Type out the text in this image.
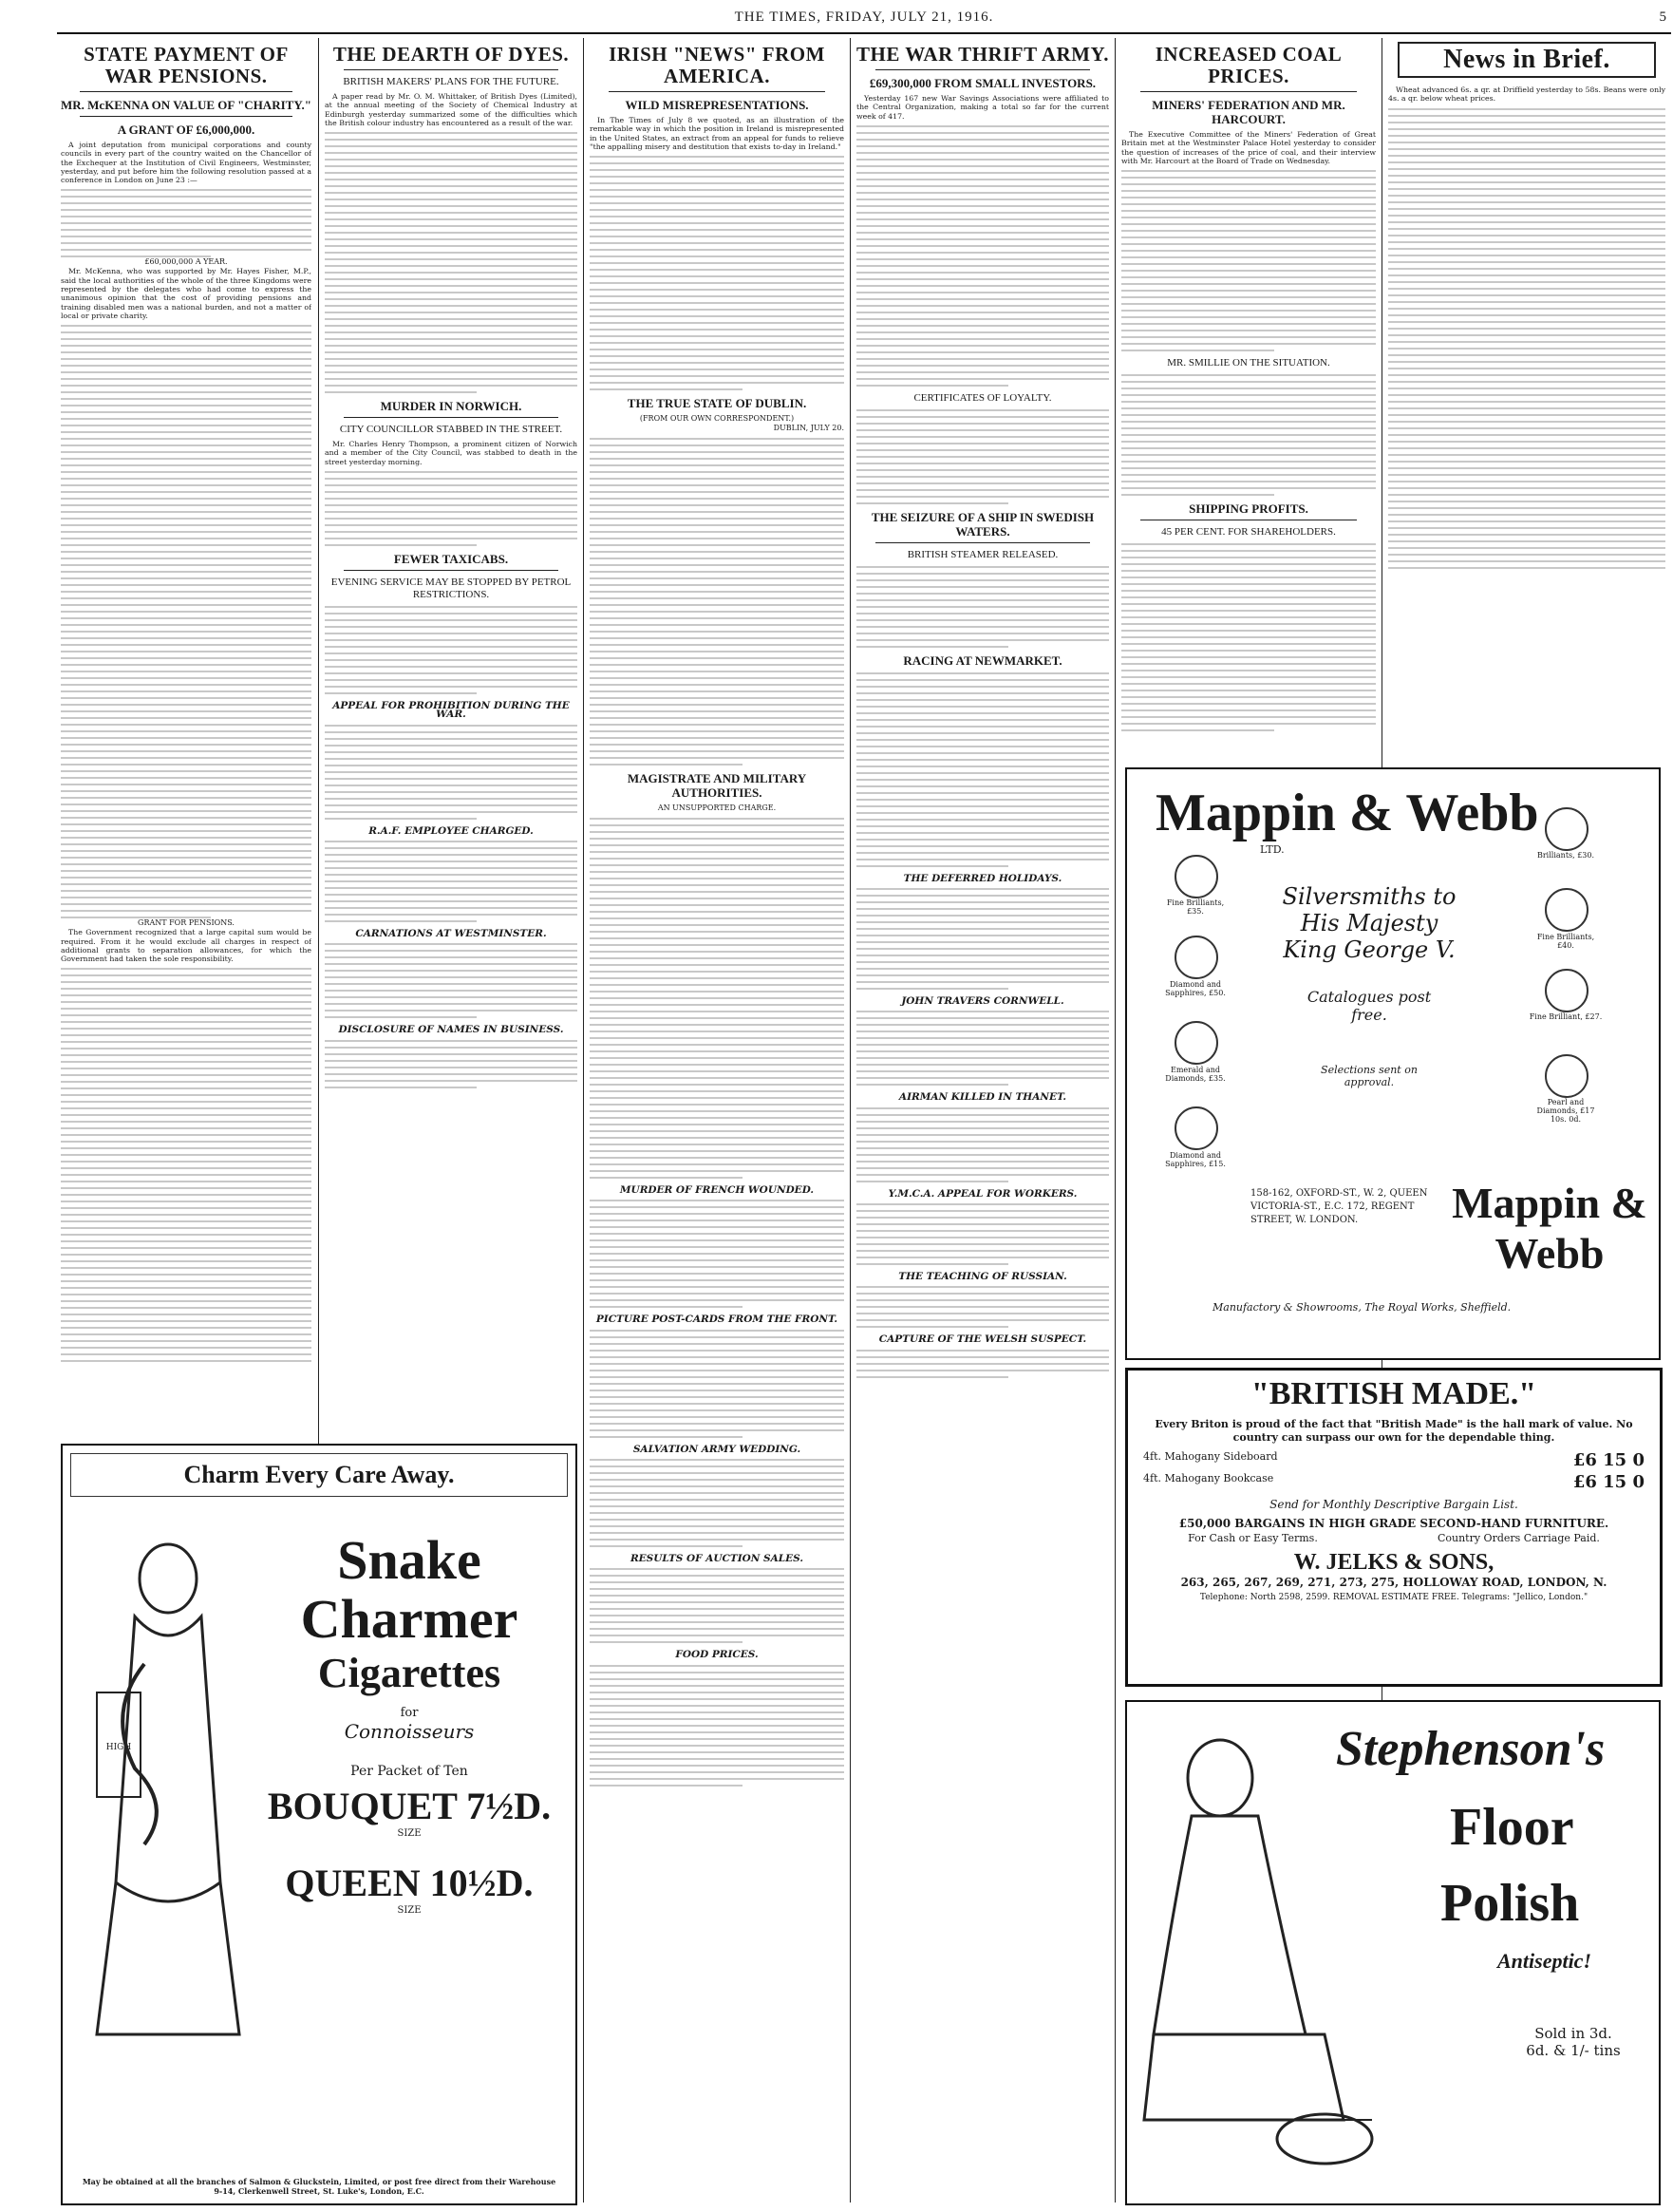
THE TIMES, FRIDAY, JULY 21, 1916.	5
STATE PAYMENT OF WAR PENSIONS.
MR. McKENNA ON VALUE OF "CHARITY."
A GRANT OF £6,000,000.

A joint deputation from municipal corporations and county councils in every part of the country waited on the Chancellor of the Exchequer at the Institution of Civil Engineers, Westminster, yesterday, and put before him the following resolution passed at a conference in London on June 23 :—

£60,000,000 A YEAR.

Mr. McKenna, who was supported by Mr. Hayes Fisher, M.P., said the local authorities of the whole of the three Kingdoms were represented by the delegates who had come to express the unanimous opinion that the cost of providing pensions and training disabled men was a national burden, and not a matter of local or private charity.

GRANT FOR PENSIONS.

The Government recognized that a large capital sum would be required. From it he would exclude all charges in respect of additional grants to separation allowances, for which the Government had taken the sole responsibility.

THE DEARTH OF DYES.
BRITISH MAKERS' PLANS FOR THE FUTURE.

A paper read by Mr. O. M. Whittaker, of British Dyes (Limited), at the annual meeting of the Society of Chemical Industry at Edinburgh yesterday summarized some of the difficulties which the British colour industry has encountered as a result of the war.

MURDER IN NORWICH.
CITY COUNCILLOR STABBED IN THE STREET.

Mr. Charles Henry Thompson, a prominent citizen of Norwich and a member of the City Council, was stabbed to death in the street yesterday morning.

FEWER TAXICABS.
EVENING SERVICE MAY BE STOPPED BY PETROL RESTRICTIONS.
APPEAL FOR PROHIBITION DURING THE WAR.
R.A.F. EMPLOYEE CHARGED.
CARNATIONS AT WESTMINSTER.
DISCLOSURE OF NAMES IN BUSINESS.
IRISH "NEWS" FROM AMERICA.
WILD MISREPRESENTATIONS.

In The Times of July 8 we quoted, as an illustration of the remarkable way in which the position in Ireland is misrepresented in the United States, an extract from an appeal for funds to relieve "the appalling misery and destitution that exists to-day in Ireland."

THE TRUE STATE OF DUBLIN.
(FROM OUR OWN CORRESPONDENT.)
DUBLIN, JULY 20.
MAGISTRATE AND MILITARY AUTHORITIES.
AN UNSUPPORTED CHARGE.
MURDER OF FRENCH WOUNDED.
PICTURE POST-CARDS FROM THE FRONT.
SALVATION ARMY WEDDING.
RESULTS OF AUCTION SALES.
FOOD PRICES.
THE WAR THRIFT ARMY.
£69,300,000 FROM SMALL INVESTORS.

Yesterday 167 new War Savings Associations were affiliated to the Central Organization, making a total so far for the current week of 417.

CERTIFICATES OF LOYALTY.
THE SEIZURE OF A SHIP IN SWEDISH WATERS.
BRITISH STEAMER RELEASED.
RACING AT NEWMARKET.
THE DEFERRED HOLIDAYS.
JOHN TRAVERS CORNWELL.
AIRMAN KILLED IN THANET.
Y.M.C.A. APPEAL FOR WORKERS.
THE TEACHING OF RUSSIAN.
CAPTURE OF THE WELSH SUSPECT.
INCREASED COAL PRICES.
MINERS' FEDERATION AND MR. HARCOURT.

The Executive Committee of the Miners' Federation of Great Britain met at the Westminster Palace Hotel yesterday to consider the question of increases of the price of coal, and their interview with Mr. Harcourt at the Board of Trade on Wednesday.

MR. SMILLIE ON THE SITUATION.
SHIPPING PROFITS.
45 PER CENT. FOR SHAREHOLDERS.
News in Brief.

Wheat advanced 6s. a qr. at Driffield yesterday to 58s. Beans were only 4s. a qr. below wheat prices.

Charm Every Care Away.
HIGH
Snake
Charmer
Cigarettes
for
Connoisseurs
Per Packet of Ten
BOUQUET 7½D.
SIZE
QUEEN 10½D.
SIZE
May be obtained at all the branches of Salmon & Gluckstein, Limited, or post free direct from their Warehouse 9-14, Clerkenwell Street, St. Luke's, London, E.C.
Mappin & Webb
LTD.
Silversmiths to His Majesty King George V.
Catalogues post free.
Selections sent on approval.
Fine Brilliants, £35.
Diamond and Sapphires, £50.
Emerald and Diamonds, £35.
Diamond and Sapphires, £15.
Brilliants, £30.
Fine Brilliants, £40.
Fine Brilliant, £27.
Pearl and Diamonds, £17 10s. 0d.
158-162, OXFORD-ST., W. 2, QUEEN VICTORIA-ST., E.C. 172, REGENT STREET, W. LONDON.	Mappin & Webb
Manufactory & Showrooms, The Royal Works, Sheffield.
"BRITISH MADE."
Every Briton is proud of the fact that "British Made" is the hall mark of value. No country can surpass our own for the dependable thing.
4ft. Mahogany Sideboard	£6 15 0
4ft. Mahogany Bookcase	£6 15 0
Send for Monthly Descriptive Bargain List.
£50,000 BARGAINS IN HIGH GRADE SECOND-HAND FURNITURE.
For Cash or Easy Terms.	Country Orders Carriage Paid.
W. JELKS & SONS,
263, 265, 267, 269, 271, 273, 275, HOLLOWAY ROAD, LONDON, N.
Telephone: North 2598, 2599. REMOVAL ESTIMATE FREE. Telegrams: "Jellico, London."
Stephenson's
Floor
Polish
Antiseptic!
Sold in 3d. 6d. & 1/- tins
